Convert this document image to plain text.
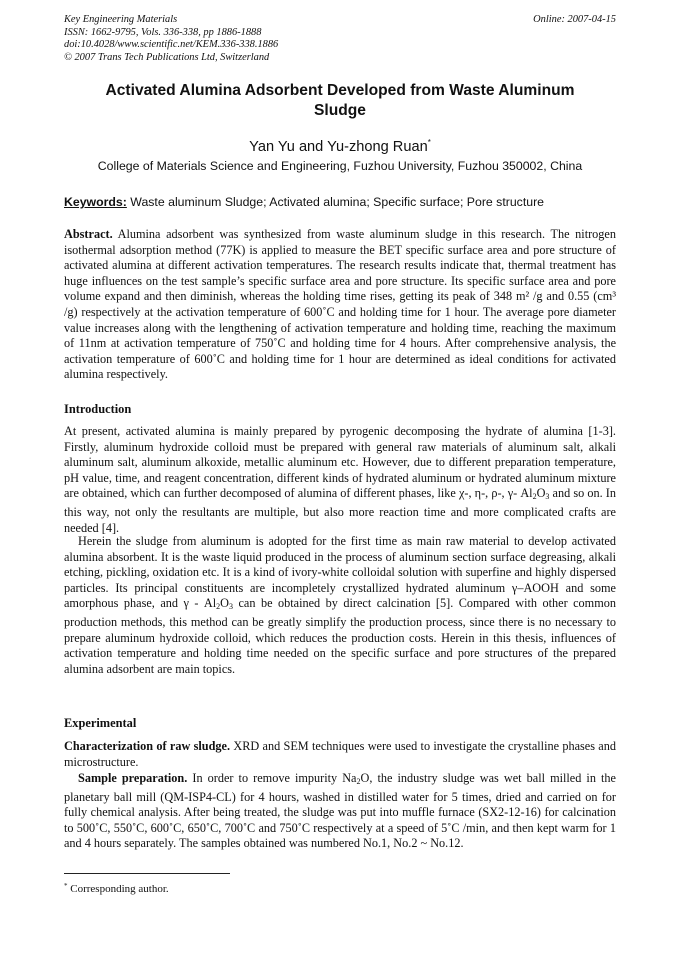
Key Engineering Materials
ISSN: 1662-9795, Vols. 336-338, pp 1886-1888
doi:10.4028/www.scientific.net/KEM.336-338.1886
© 2007 Trans Tech Publications Ltd, Switzerland
Online: 2007-04-15
Activated Alumina Adsorbent Developed from Waste Aluminum
Sludge
Yan Yu and Yu-zhong Ruan*
College of Materials Science and Engineering, Fuzhou University, Fuzhou 350002, China
Keywords: Waste aluminum Sludge; Activated alumina; Specific surface; Pore structure
Abstract. Alumina adsorbent was synthesized from waste aluminum sludge in this research. The nitrogen isothermal adsorption method (77K) is applied to measure the BET specific surface area and pore structure of activated alumina at different activation temperatures. The research results indicate that, thermal treatment has huge influences on the test sample’s specific surface area and pore structure. Its specific surface area and pore volume expand and then diminish, whereas the holding time rises, getting its peak of 348 m² /g and 0.55 (cm³ /g) respectively at the activation temperature of 600˚C and holding time for 1 hour. The average pore diameter value increases along with the lengthening of activation temperature and holding time, reaching the maximum of 11nm at activation temperature of 750˚C and holding time for 4 hours. After comprehensive analysis, the activation temperature of 600˚C and holding time for 1 hour are determined as ideal conditions for activated alumina respectively.
Introduction
At present, activated alumina is mainly prepared by pyrogenic decomposing the hydrate of alumina [1-3]. Firstly, aluminum hydroxide colloid must be prepared with general raw materials of aluminum salt, alkali aluminum salt, aluminum alkoxide, metallic aluminum etc. However, due to different preparation temperature, pH value, time, and reagent concentration, different kinds of hydrated aluminum or hydrated aluminum mixture are obtained, which can further decomposed of alumina of different phases, like χ-, η-, ρ-, γ- $Al_2O_3$ and so on. In this way, not only the resultants are multiple, but also more reaction time and more complicated crafts are needed [4].
Herein the sludge from aluminum is adopted for the first time as main raw material to develop activated alumina absorbent. It is the waste liquid produced in the process of aluminum section surface degreasing, alkali etching, pickling, oxidation etc. It is a kind of ivory-white colloidal solution with superfine and highly dispersed particles. Its principal constituents are incompletely crystallized hydrated aluminum γ–AOOH and some amorphous phase, and γ - $Al_2O_3$ can be obtained by direct calcination [5]. Compared with other common production methods, this method can be greatly simplify the production process, since there is no necessary to prepare aluminum hydroxide colloid, which reduces the production costs. Herein in this thesis, influences of activation temperature and holding time needed on the specific surface and pore structures of the prepared alumina adsorbent are main topics.
Experimental
Characterization of raw sludge. XRD and SEM techniques were used to investigate the crystalline phases and microstructure.
Sample preparation. In order to remove impurity $Na_2O$, the industry sludge was wet ball milled in the planetary ball mill (QM-ISP4-CL) for 4 hours, washed in distilled water for 5 times, dried and carried on for fully chemical analysis. After being treated, the sludge was put into muffle furnace (SX2-12-16) for calcination to 500˚C, 550˚C, 600˚C, 650˚C, 700˚C and 750˚C respectively at a speed of 5˚C /min, and then kept warm for 1 and 4 hours separately. The samples obtained was numbered No.1, No.2 ~ No.12.
* Corresponding author.
